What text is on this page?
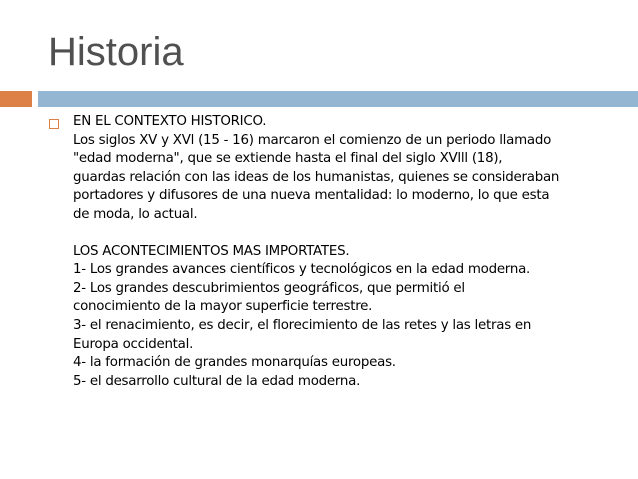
Historia
EN EL CONTEXTO HISTORICO.
Los siglos XV y XVl (15 - 16) marcaron el comienzo de un periodo llamado
"edad moderna", que se extiende hasta el final del siglo XVlll (18),
guardas relación con las ideas de los humanistas, quienes se consideraban
portadores y difusores de una nueva mentalidad: lo moderno, lo que esta
de moda, lo actual.
LOS ACONTECIMIENTOS MAS IMPORTATES.
1- Los grandes avances científicos y tecnológicos en la edad moderna.
2- Los grandes descubrimientos geográficos, que permitió el
conocimiento de la mayor superficie terrestre.
3- el renacimiento, es decir, el florecimiento de las retes y las letras en
Europa occidental.
4- la formación de grandes monarquías europeas.
5- el desarrollo cultural de la edad moderna.
